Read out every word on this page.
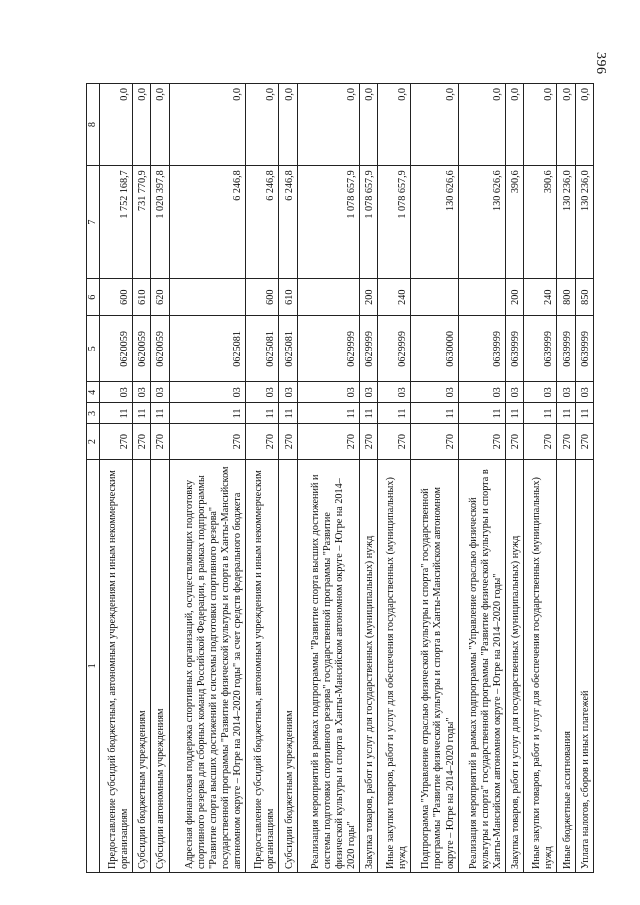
396
1	2	3	4	5	6	7	8
Предоставление субсидий бюджетным, автономным учреждениям и иным некоммерческим организациям	270	11	03	0620059	600	1 752 168,7	0,0
Субсидии бюджетным учреждениям	270	11	03	0620059	610	731 770,9	0,0
Субсидии автономным учреждениям	270	11	03	0620059	620	1 020 397,8	0,0
Адресная финансовая поддержка спортивных организаций, осуществляющих подготовку спортивного резерва для сборных команд Российской Федерации, в рамках подпрограммы "Развитие спорта высших достижений и системы подготовки спортивного резерва" государственной программы "Развитие физической культуры и спорта в Ханты-Мансийском автономном округе – Югре на 2014–2020 годы" за счет средств федерального бюджета	270	11	03	0625081		6 246,8	0,0
Предоставление субсидий бюджетным, автономным учреждениям и иным некоммерческим организациям	270	11	03	0625081	600	6 246,8	0,0
Субсидии бюджетным учреждениям	270	11	03	0625081	610	6 246,8	0,0
Реализация мероприятий в рамках подпрограммы "Развитие спорта высших достижений и системы подготовки спортивного резерва" государственной программы "Развитие физической культуры и спорта в Ханты-Мансийском автономном округе – Югре на 2014–2020 годы"	270	11	03	0629999		1 078 657,9	0,0
Закупка товаров, работ и услуг для государственных (муниципальных) нужд	270	11	03	0629999	200	1 078 657,9	0,0
Иные закупки товаров, работ и услуг для обеспечения государственных (муниципальных) нужд	270	11	03	0629999	240	1 078 657,9	0,0
Подпрограмма "Управление отраслью физической культуры и спорта" государственной программы "Развитие физической культуры и спорта в Ханты-Мансийском автономном округе – Югре на 2014–2020 годы"	270	11	03	0630000		130 626,6	0,0
Реализация мероприятий в рамках подпрограммы "Управление отраслью физической культуры и спорта" государственной программы "Развитие физической культуры и спорта в Ханты-Мансийском автономном округе – Югре на 2014–2020 годы"	270	11	03	0639999		130 626,6	0,0
Закупка товаров, работ и услуг для государственных (муниципальных) нужд	270	11	03	0639999	200	390,6	0,0
Иные закупки товаров, работ и услуг для обеспечения государственных (муниципальных) нужд	270	11	03	0639999	240	390,6	0,0
Иные бюджетные ассигнования	270	11	03	0639999	800	130 236,0	0,0
Уплата налогов, сборов и иных платежей	270	11	03	0639999	850	130 236,0	0,0
